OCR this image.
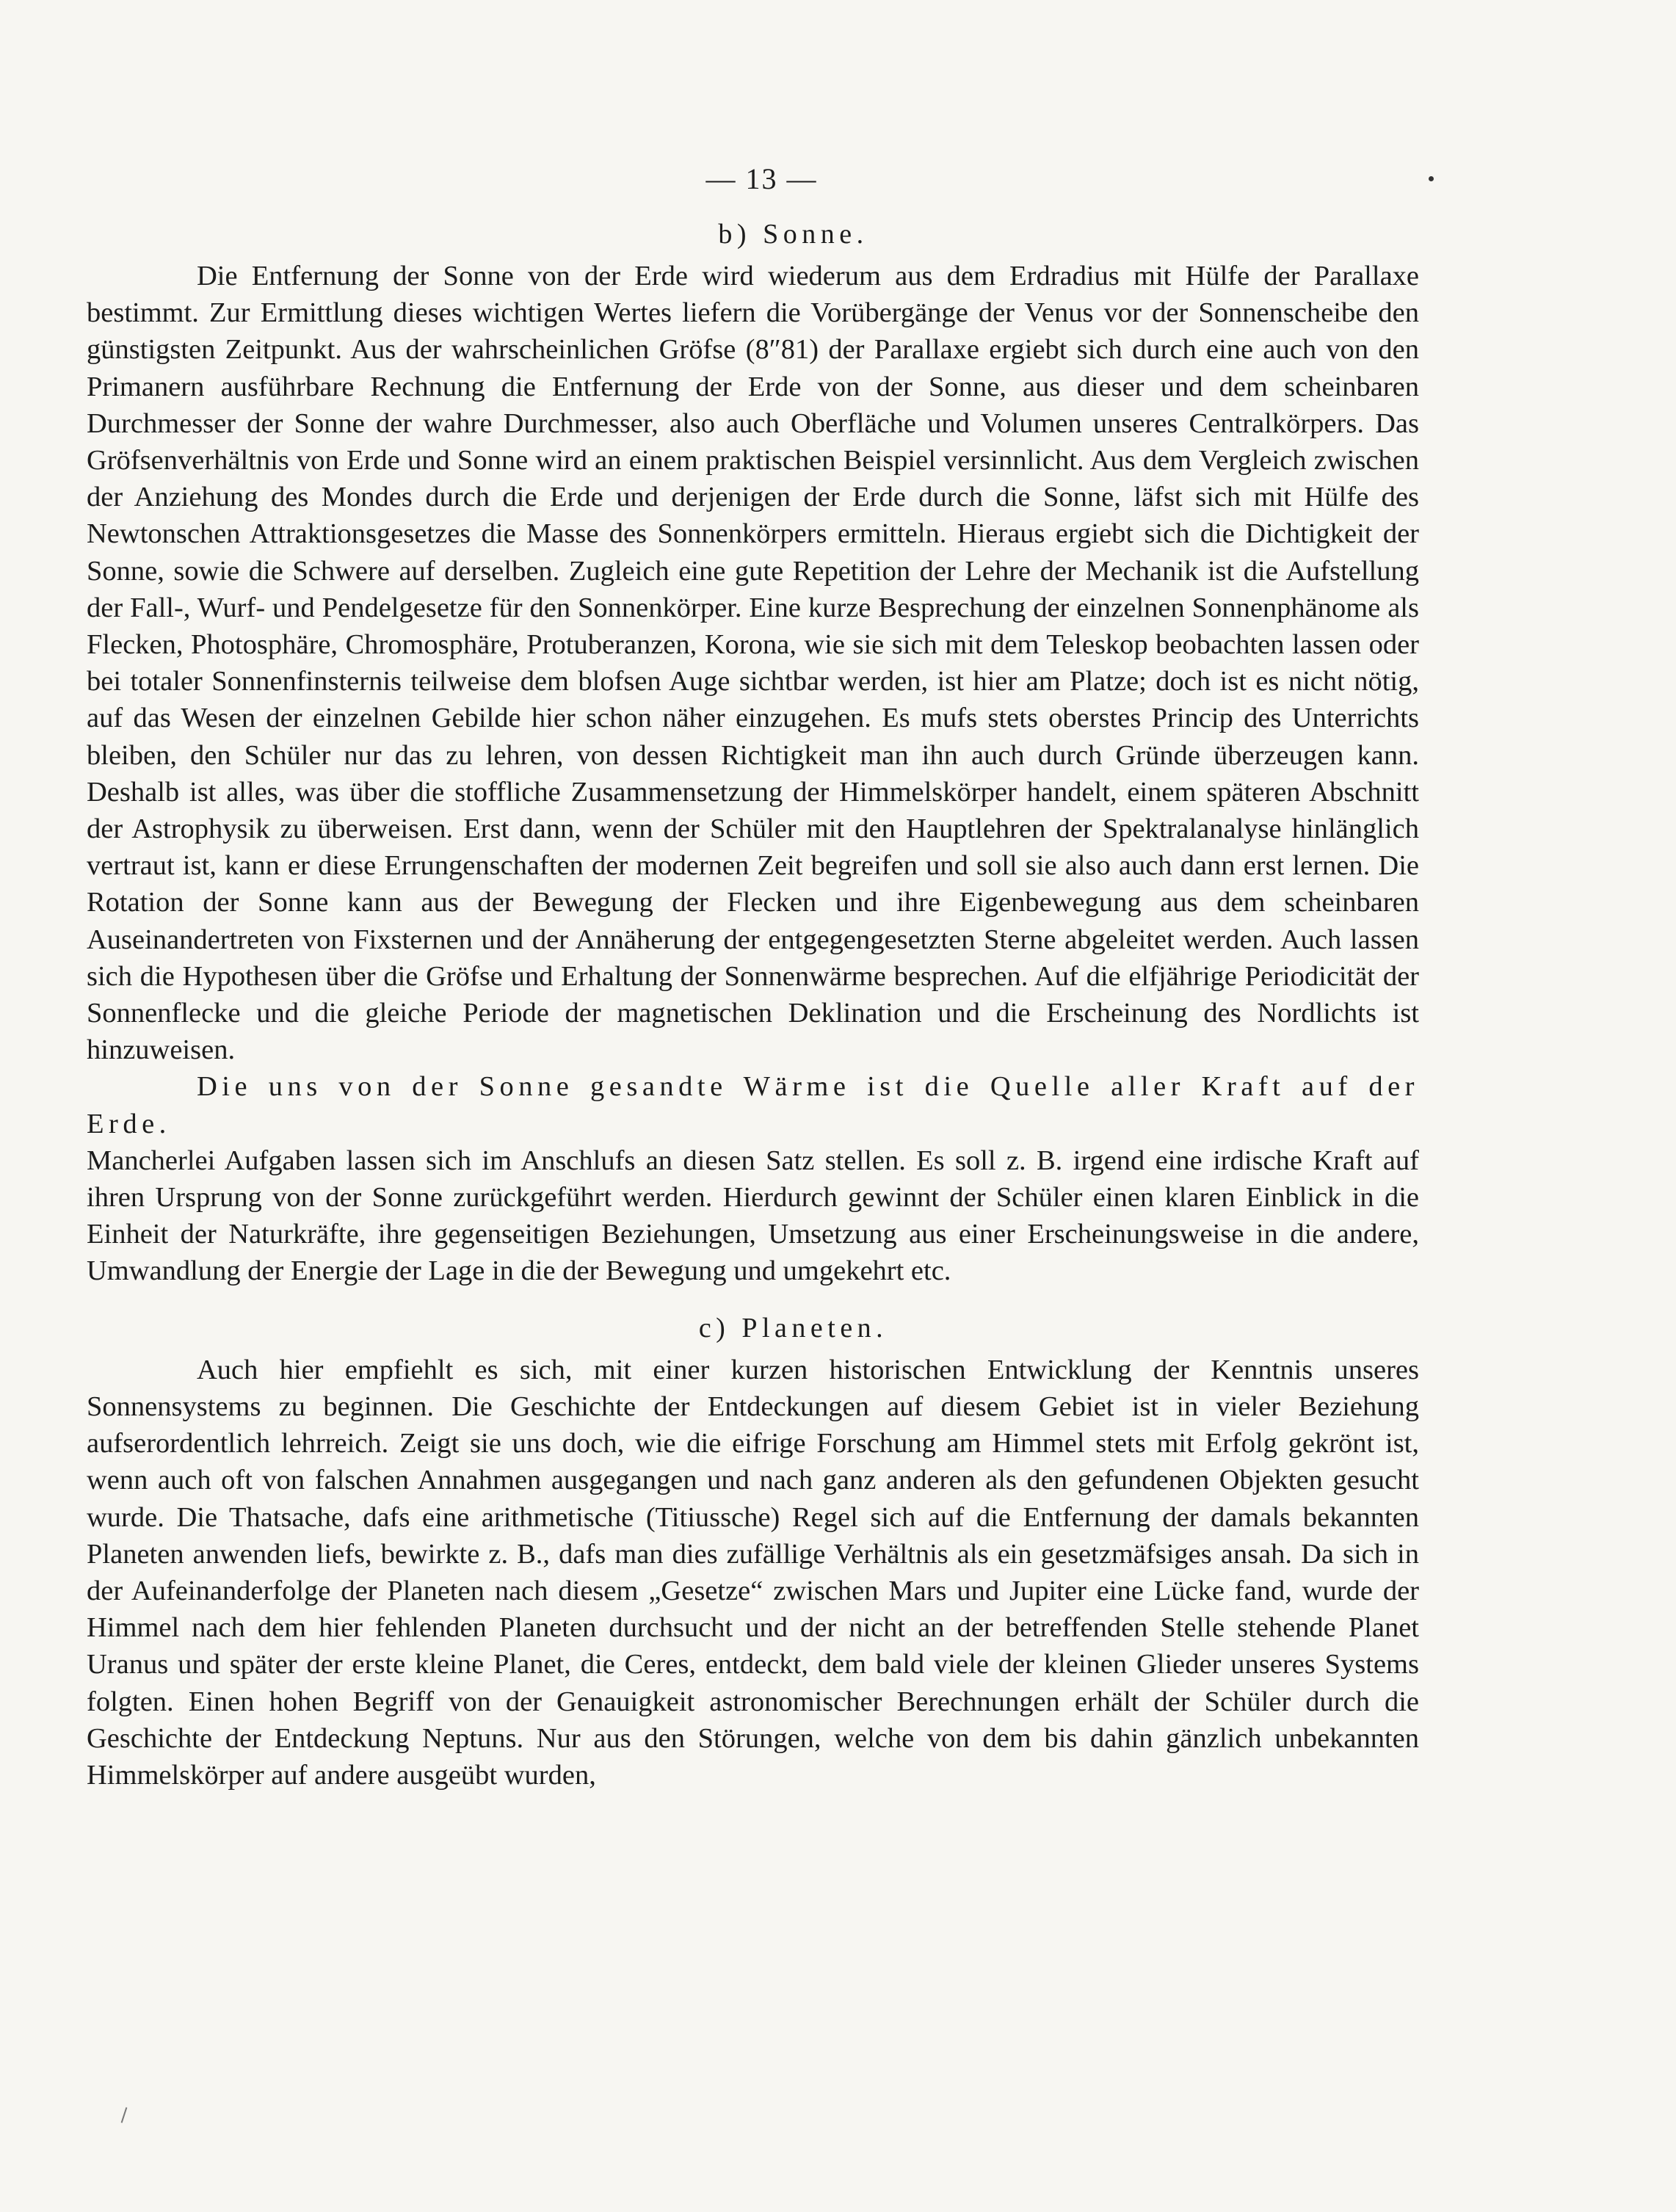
— 13 —
b) Sonne.

Die Entfernung der Sonne von der Erde wird wiederum aus dem Erdradius mit Hülfe der Parallaxe bestimmt. Zur Ermittlung dieses wichtigen Wertes liefern die Vorübergänge der Venus vor der Sonnenscheibe den günstigsten Zeitpunkt. Aus der wahrscheinlichen Gröfse (8″81) der Parallaxe ergiebt sich durch eine auch von den Primanern ausführbare Rechnung die Entfernung der Erde von der Sonne, aus dieser und dem scheinbaren Durchmesser der Sonne der wahre Durchmesser, also auch Oberfläche und Volumen unseres Centralkörpers. Das Gröfsenverhältnis von Erde und Sonne wird an einem praktischen Beispiel versinnlicht. Aus dem Vergleich zwischen der Anziehung des Mondes durch die Erde und derjenigen der Erde durch die Sonne, läfst sich mit Hülfe des Newtonschen Attraktionsgesetzes die Masse des Sonnenkörpers ermitteln. Hieraus ergiebt sich die Dichtigkeit der Sonne, sowie die Schwere auf derselben. Zugleich eine gute Repetition der Lehre der Mechanik ist die Aufstellung der Fall-, Wurf- und Pendelgesetze für den Sonnenkörper. Eine kurze Besprechung der einzelnen Sonnenphänome als Flecken, Photosphäre, Chromosphäre, Protuberanzen, Korona, wie sie sich mit dem Teleskop beobachten lassen oder bei totaler Sonnenfinsternis teilweise dem blofsen Auge sichtbar werden, ist hier am Platze; doch ist es nicht nötig, auf das Wesen der einzelnen Gebilde hier schon näher einzugehen. Es mufs stets oberstes Princip des Unterrichts bleiben, den Schüler nur das zu lehren, von dessen Richtigkeit man ihn auch durch Gründe überzeugen kann. Deshalb ist alles, was über die stoffliche Zusammensetzung der Himmelskörper handelt, einem späteren Abschnitt der Astrophysik zu überweisen. Erst dann, wenn der Schüler mit den Hauptlehren der Spektralanalyse hinlänglich vertraut ist, kann er diese Errungenschaften der modernen Zeit begreifen und soll sie also auch dann erst lernen. Die Rotation der Sonne kann aus der Bewegung der Flecken und ihre Eigenbewegung aus dem scheinbaren Auseinandertreten von Fixsternen und der Annäherung der entgegengesetzten Sterne abgeleitet werden. Auch lassen sich die Hypothesen über die Gröfse und Erhaltung der Sonnenwärme besprechen. Auf die elfjährige Periodicität der Sonnenflecke und die gleiche Periode der magnetischen Deklination und die Erscheinung des Nordlichts ist hinzuweisen.

Die uns von der Sonne gesandte Wärme ist die Quelle aller Kraft auf der Erde.
Mancherlei Aufgaben lassen sich im Anschlufs an diesen Satz stellen. Es soll z. B. irgend eine irdische Kraft auf ihren Ursprung von der Sonne zurückgeführt werden. Hierdurch gewinnt der Schüler einen klaren Einblick in die Einheit der Naturkräfte, ihre gegenseitigen Beziehungen, Umsetzung aus einer Erscheinungsweise in die andere, Umwandlung der Energie der Lage in die der Bewegung und umgekehrt etc.

c) Planeten.

Auch hier empfiehlt es sich, mit einer kurzen historischen Entwicklung der Kenntnis unseres Sonnensystems zu beginnen. Die Geschichte der Entdeckungen auf diesem Gebiet ist in vieler Beziehung aufserordentlich lehrreich. Zeigt sie uns doch, wie die eifrige Forschung am Himmel stets mit Erfolg gekrönt ist, wenn auch oft von falschen Annahmen ausgegangen und nach ganz anderen als den gefundenen Objekten gesucht wurde. Die Thatsache, dafs eine arithmetische (Titiussche) Regel sich auf die Entfernung der damals bekannten Planeten anwenden liefs, bewirkte z. B., dafs man dies zufällige Verhältnis als ein gesetzmäfsiges ansah. Da sich in der Aufeinanderfolge der Planeten nach diesem „Gesetze“ zwischen Mars und Jupiter eine Lücke fand, wurde der Himmel nach dem hier fehlenden Planeten durchsucht und der nicht an der betreffenden Stelle stehende Planet Uranus und später der erste kleine Planet, die Ceres, entdeckt, dem bald viele der kleinen Glieder unseres Systems folgten. Einen hohen Begriff von der Genauigkeit astronomischer Berechnungen erhält der Schüler durch die Geschichte der Entdeckung Neptuns. Nur aus den Störungen, welche von dem bis dahin gänzlich unbekannten Himmelskörper auf andere ausgeübt wurden,
